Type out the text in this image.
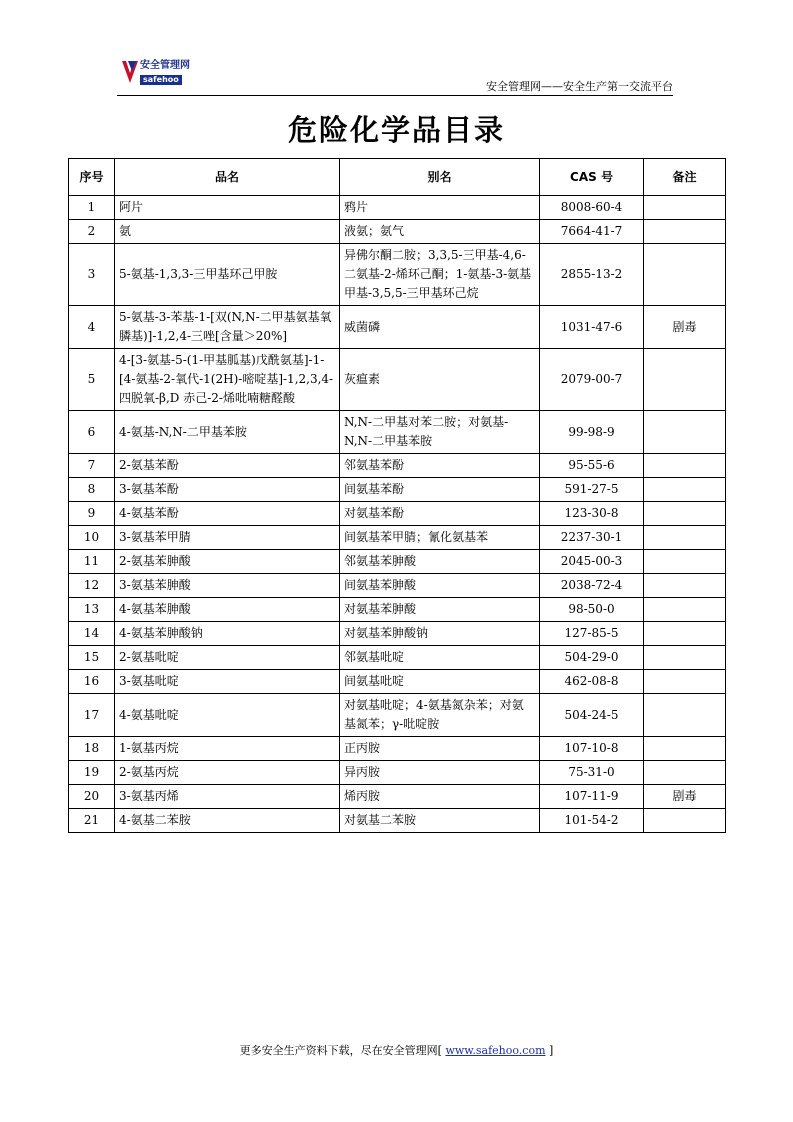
安全管理网
safehoo
安全管理网——安全生产第一交流平台
危险化学品目录
序号	品名	别名	CAS 号	备注
1	阿片	鸦片	8008-60-4	
2	氨	液氨；氨气	7664-41-7	
3	5-氨基-1,3,3-三甲基环己甲胺	异佛尔酮二胺；3,3,5-三甲基-4,6-二氨基-2-烯环己酮；1-氨基-3-氨基甲基-3,5,5-三甲基环己烷	2855-13-2	
4	5-氨基-3-苯基-1-[双(N,N-二甲基氨基氧膦基)]-1,2,4-三唑[含量＞20%]	威菌磷	1031-47-6	剧毒
5	4-[3-氨基-5-(1-甲基胍基)戊酰氨基]-1-[4-氨基-2-氧代-1(2H)-嘧啶基]-1,2,3,4-四脱氧-β,D 赤己-2-烯吡喃糖醛酸	灰瘟素	2079-00-7	
6	4-氨基-N,N-二甲基苯胺	N,N-二甲基对苯二胺；对氨基-N,N-二甲基苯胺	99-98-9	
7	2-氨基苯酚	邻氨基苯酚	95-55-6	
8	3-氨基苯酚	间氨基苯酚	591-27-5	
9	4-氨基苯酚	对氨基苯酚	123-30-8	
10	3-氨基苯甲腈	间氨基苯甲腈；氰化氨基苯	2237-30-1	
11	2-氨基苯胂酸	邻氨基苯胂酸	2045-00-3	
12	3-氨基苯胂酸	间氨基苯胂酸	2038-72-4	
13	4-氨基苯胂酸	对氨基苯胂酸	98-50-0	
14	4-氨基苯胂酸钠	对氨基苯胂酸钠	127-85-5	
15	2-氨基吡啶	邻氨基吡啶	504-29-0	
16	3-氨基吡啶	间氨基吡啶	462-08-8	
17	4-氨基吡啶	对氨基吡啶；4-氨基氮杂苯；对氨基氮苯；γ-吡啶胺	504-24-5	
18	1-氨基丙烷	正丙胺	107-10-8	
19	2-氨基丙烷	异丙胺	75-31-0	
20	3-氨基丙烯	烯丙胺	107-11-9	剧毒
21	4-氨基二苯胺	对氨基二苯胺	101-54-2	
更多安全生产资料下载，尽在安全管理网[ www.safehoo.com ]
